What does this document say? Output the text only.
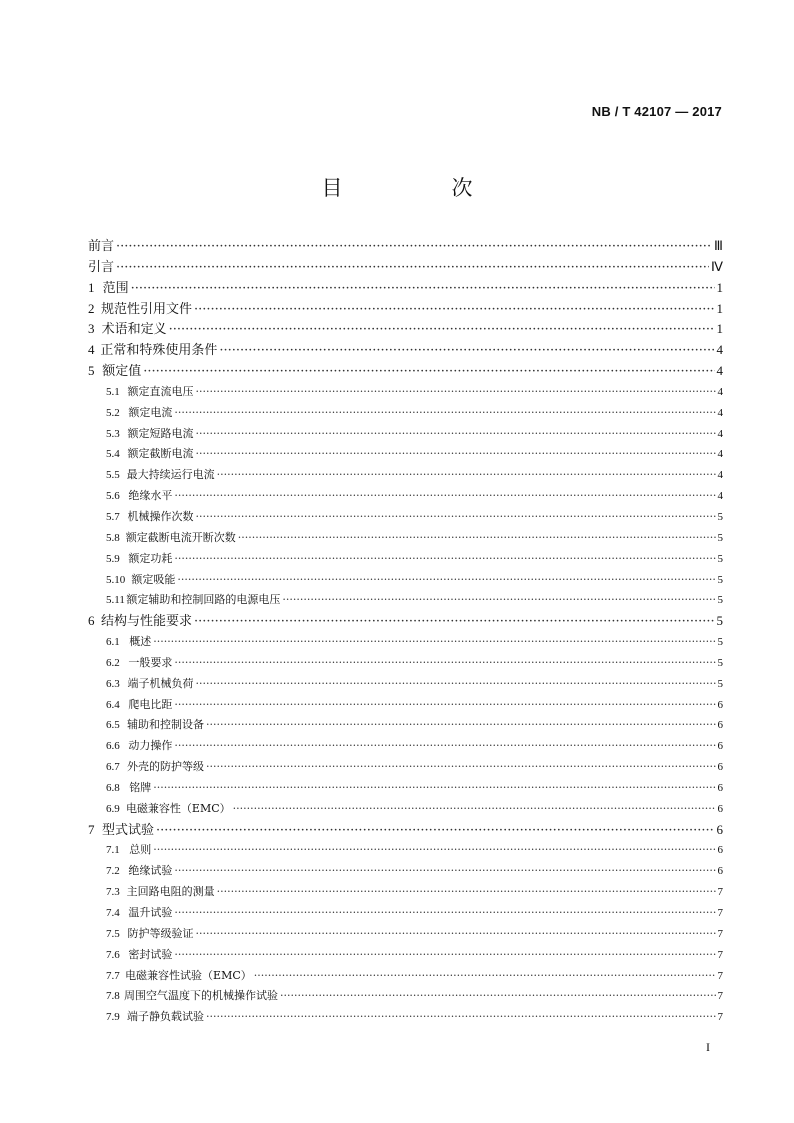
NB / T 42107 — 2017
目　次
前言 ·····	Ⅲ
引言 ·····	Ⅳ
1 范围 ·····	1
2 规范性引用文件 ·····	1
3 术语和定义 ·····	1
4 正常和特殊使用条件 ·····	4
5 额定值 ·····	4
5.1 额定直流电压 ·····	4
5.2 额定电流 ·····	4
5.3 额定短路电流 ·····	4
5.4 额定截断电流 ·····	4
5.5 最大持续运行电流 ·····	4
5.6 绝缘水平 ·····	4
5.7 机械操作次数 ·····	5
5.8 额定截断电流开断次数 ·····	5
5.9 额定功耗 ·····	5
5.10 额定吸能 ·····	5
5.11 额定辅助和控制回路的电源电压 ·····	5
6 结构与性能要求 ·····	5
6.1 概述 ·····	5
6.2 一般要求 ·····	5
6.3 端子机械负荷 ·····	5
6.4 爬电比距 ·····	6
6.5 辅助和控制设备 ·····	6
6.6 动力操作 ·····	6
6.7 外壳的防护等级 ·····	6
6.8 铭牌 ·····	6
6.9 电磁兼容性（EMC） ·····	6
7 型式试验 ·····	6
7.1 总则 ·····	6
7.2 绝缘试验 ·····	6
7.3 主回路电阻的测量 ·····	7
7.4 温升试验 ·····	7
7.5 防护等级验证 ·····	7
7.6 密封试验 ·····	7
7.7 电磁兼容性试验（EMC） ·····	7
7.8 周围空气温度下的机械操作试验 ·····	7
7.9 端子静负载试验 ·····	7
I
